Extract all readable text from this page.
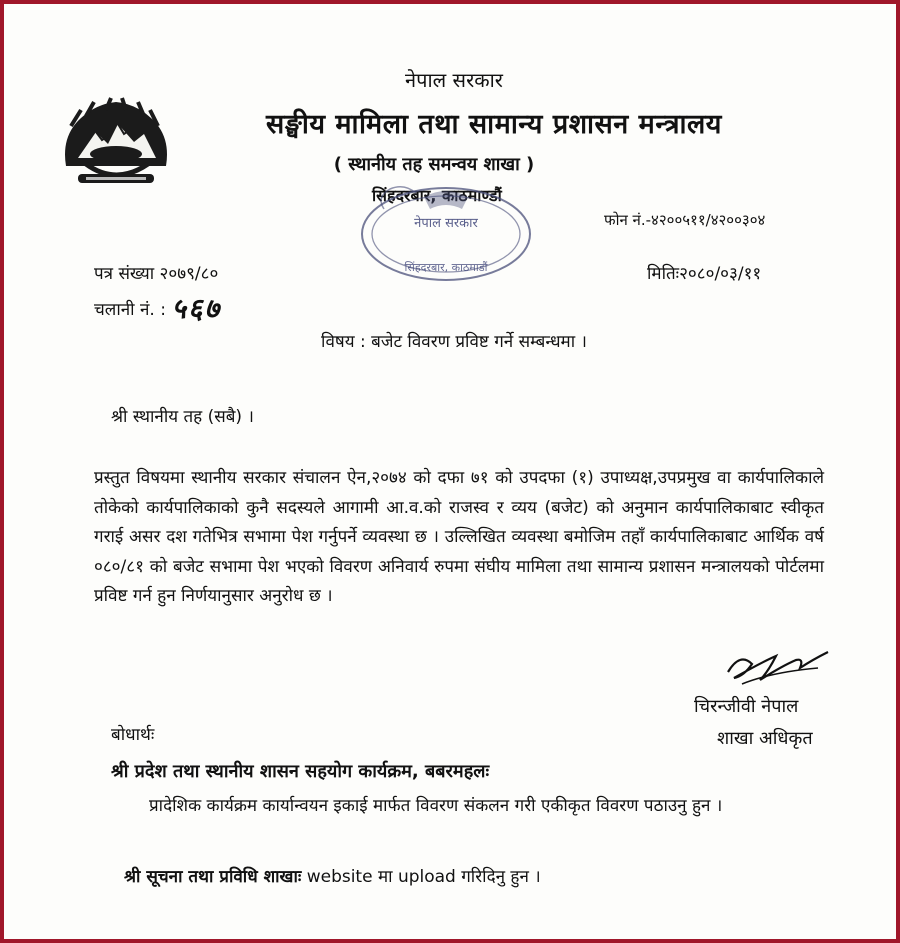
नेपाल सरकार
सङ्घीय मामिला तथा सामान्य प्रशासन मन्त्रालय
( स्थानीय तह समन्वय शाखा )
सिंहदरबार, काठमाण्डौं
फोन नं.-४२००५११/४२००३०४
नेपाल सरकार
सिंहदरबार, काठमाडौं
पत्र संख्या २०७९/८०	मितिः२०८०/०३/११
चलानी नं. : ५६७
विषय : बजेट विवरण प्रविष्ट गर्ने सम्बन्धमा ।
श्री स्थानीय तह (सबै) ।
प्रस्तुत विषयमा स्थानीय सरकार संचालन ऐन,२०७४ को दफा ७१ को उपदफा (१) उपाध्यक्ष,उपप्रमुख वा कार्यपालिकाले तोकेको कार्यपालिकाको कुनै सदस्यले आगामी आ.व.को राजस्व र व्यय (बजेट) को अनुमान कार्यपालिकाबाट स्वीकृत गराई असर दश गतेभित्र सभामा पेश गर्नुपर्ने व्यवस्था छ । उल्लिखित व्यवस्था बमोजिम तहाँ कार्यपालिकाबाट आर्थिक वर्ष ०८०/८१ को बजेट सभामा पेश भएको विवरण अनिवार्य रुपमा संघीय मामिला तथा सामान्य प्रशासन मन्त्रालयको पोर्टलमा प्रविष्ट गर्न हुन निर्णयानुसार अनुरोध छ ।
चिरन्जीवी नेपाल
शाखा अधिकृत
बोधार्थः
श्री प्रदेश तथा स्थानीय शासन सहयोग कार्यक्रम, बबरमहलः
प्रादेशिक कार्यक्रम कार्यान्वयन इकाई मार्फत विवरण संकलन गरी एकीकृत विवरण पठाउनु हुन ।
श्री सूचना तथा प्रविधि शाखाः website मा upload गरिदिनु हुन ।
